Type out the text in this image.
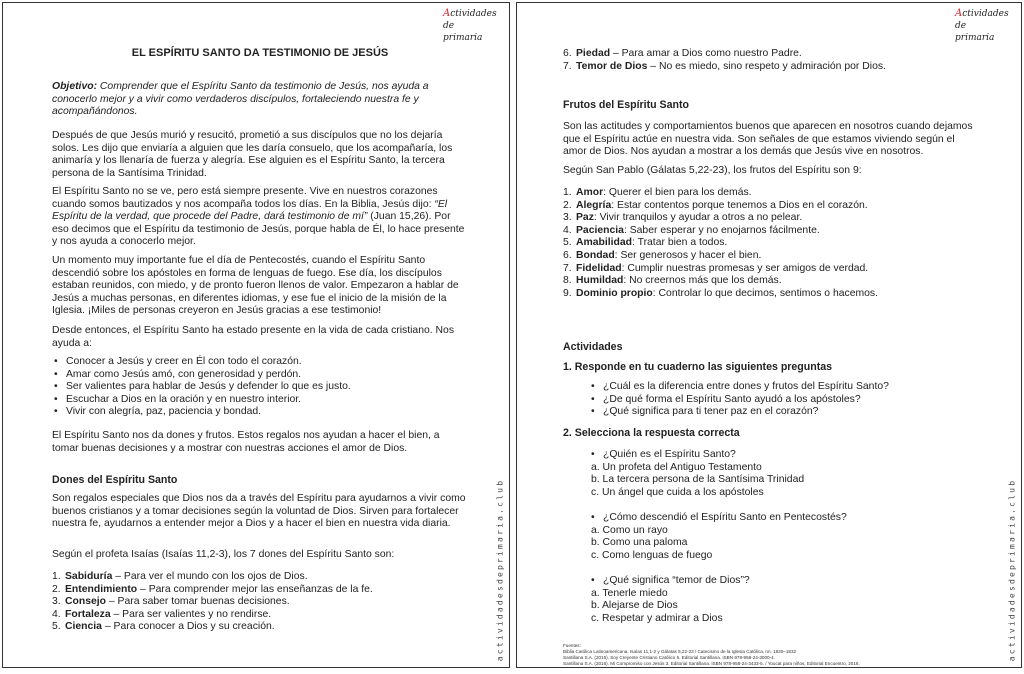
Actividades de
primaria
actividadesdeprimaria.club
EL ESPÍRITU SANTO DA TESTIMONIO DE JESÚS

Objetivo: Comprender que el Espíritu Santo da testimonio de Jesús, nos ayuda a conocerlo mejor y a vivir como verdaderos discípulos, fortaleciendo nuestra fe y acompañándonos.

Después de que Jesús murió y resucitó, prometió a sus discípulos que no los dejaría solos. Les dijo que enviaría a alguien que les daría consuelo, que los acompañaría, los animaría y los llenaría de fuerza y alegría. Ese alguien es el Espíritu Santo, la tercera persona de la Santísima Trinidad.

El Espíritu Santo no se ve, pero está siempre presente. Vive en nuestros corazones cuando somos bautizados y nos acompaña todos los días. En la Biblia, Jesús dijo: “El Espíritu de la verdad, que procede del Padre, dará testimonio de mí” (Juan 15,26). Por eso decimos que el Espíritu da testimonio de Jesús, porque habla de Él, lo hace presente y nos ayuda a conocerlo mejor.

Un momento muy importante fue el día de Pentecostés, cuando el Espíritu Santo descendió sobre los apóstoles en forma de lenguas de fuego. Ese día, los discípulos estaban reunidos, con miedo, y de pronto fueron llenos de valor. Empezaron a hablar de Jesús a muchas personas, en diferentes idiomas, y ese fue el inicio de la misión de la Iglesia. ¡Miles de personas creyeron en Jesús gracias a ese testimonio!

Desde entonces, el Espíritu Santo ha estado presente en la vida de cada cristiano. Nos ayuda a:

• Conocer a Jesús y creer en Él con todo el corazón.
• Amar como Jesús amó, con generosidad y perdón.
• Ser valientes para hablar de Jesús y defender lo que es justo.
• Escuchar a Dios en la oración y en nuestro interior.
• Vivir con alegría, paz, paciencia y bondad.

El Espíritu Santo nos da dones y frutos. Estos regalos nos ayudan a hacer el bien, a tomar buenas decisiones y a mostrar con nuestras acciones el amor de Dios.

Dones del Espíritu Santo

Son regalos especiales que Dios nos da a través del Espíritu para ayudarnos a vivir como buenos cristianos y a tomar decisiones según la voluntad de Dios. Sirven para fortalecer nuestra fe, ayudarnos a entender mejor a Dios y a hacer el bien en nuestra vida diaria.

Según el profeta Isaías (Isaías 11,2-3), los 7 dones del Espíritu Santo son:

1. Sabiduría – Para ver el mundo con los ojos de Dios.
2. Entendimiento – Para comprender mejor las enseñanzas de la fe.
3. Consejo – Para saber tomar buenas decisiones.
4. Fortaleza – Para ser valientes y no rendirse.
5. Ciencia – Para conocer a Dios y su creación.
Actividades de
primaria
actividadesdeprimaria.club
6. Piedad – Para amar a Dios como nuestro Padre.
7. Temor de Dios – No es miedo, sino respeto y admiración por Dios.

Frutos del Espíritu Santo

Son las actitudes y comportamientos buenos que aparecen en nosotros cuando dejamos que el Espíritu actúe en nuestra vida. Son señales de que estamos viviendo según el amor de Dios. Nos ayudan a mostrar a los demás que Jesús vive en nosotros.

Según San Pablo (Gálatas 5,22-23), los frutos del Espíritu son 9:

1. Amor: Querer el bien para los demás.
2. Alegría: Estar contentos porque tenemos a Dios en el corazón.
3. Paz: Vivir tranquilos y ayudar a otros a no pelear.
4. Paciencia: Saber esperar y no enojarnos fácilmente.
5. Amabilidad: Tratar bien a todos.
6. Bondad: Ser generosos y hacer el bien.
7. Fidelidad: Cumplir nuestras promesas y ser amigos de verdad.
8. Humildad: No creernos más que los demás.
9. Dominio propio: Controlar lo que decimos, sentimos o hacemos.

Actividades

1. Responde en tu cuaderno las siguientes preguntas

• ¿Cuál es la diferencia entre dones y frutos del Espíritu Santo?
• ¿De qué forma el Espíritu Santo ayudó a los apóstoles?
• ¿Qué significa para ti tener paz en el corazón?

2. Selecciona la respuesta correcta

• ¿Quién es el Espíritu Santo?
a. Un profeta del Antiguo Testamento
b. La tercera persona de la Santísima Trinidad
c. Un ángel que cuida a los apóstoles
• ¿Cómo descendió el Espíritu Santo en Pentecostés?
a. Como un rayo
b. Como una paloma
c. Como lenguas de fuego
• ¿Qué significa “temor de Dios”?
a. Tenerle miedo
b. Alejarse de Dios
c. Respetar y admirar a Dios
Fuentes:
Biblia Católica Latinoamericana, Isaías 11,1-2 y Gálatas 5,22-23 / Catecismo de la Iglesia Católica, nn. 1830–1832
Santillana S.A. (2015). Soy Creyente Cristiano Católico 5. Editorial Santillana. ISBN 978-958-24-3000-4.
Santillana S.A. (2016). Mi Compromiso con Jesús 3. Editorial Santillana. ISBN 978-958-24-3433-5. / Youcat para niños, Editorial Encuentro, 2016.
